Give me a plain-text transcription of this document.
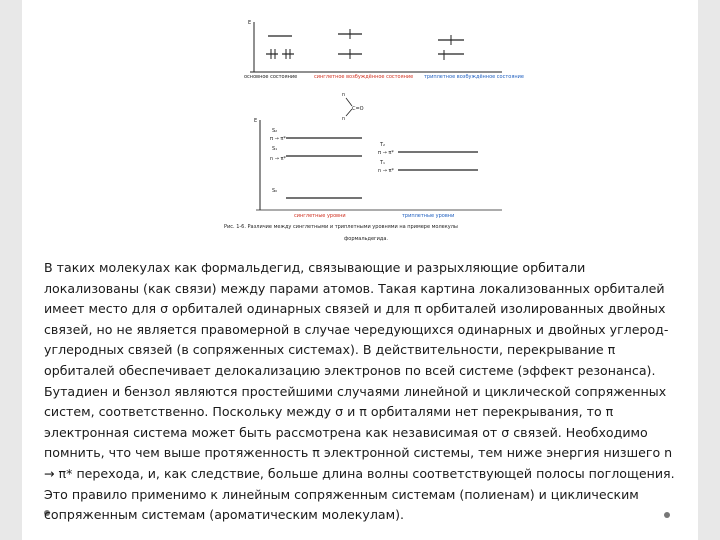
E
основное состояние	синглетное возбуждённое состояние триплетное возбуждённое состояние
n
C=O
n
E
S₂
π → π*
S₁
n → π*
S₀
T₂
π → π*
T₁
n → π*
синглетные уровни	триплетные уровни
Рис. 1-6. Различие между синглетными и триплетными уровнями на примере молекулы
формальдегида.

В таких молекулах как формальдегид, связывающие и разрыхляющие орбитали

локализованы (как связи) между парами атомов. Такая картина локализованных орбиталей

имеет место для σ орбиталей одинарных связей и для π орбиталей изолированных двойных

связей, но не является правомерной в случае чередующихся одинарных и двойных углерод-

углеродных связей (в сопряженных системах). В действительности, перекрывание π

орбиталей обеспечивает делокализацию электронов по всей системе (эффект резонанса).

Бутадиен и бензол являются простейшими случаями линейной и циклической сопряженных

систем, соответственно. Поскольку между σ и π орбиталями нет перекрывания, то π

электронная система может быть рассмотрена как независимая от σ связей. Необходимо

помнить, что чем выше протяженность π электронной системы, тем ниже энергия низшего n

→ π* перехода, и, как следствие, больше длина волны соответствующей полосы поглощения.

Это правило применимо к линейным сопряженным системам (полиенам) и циклическим

сопряженным системам (ароматическим молекулам).
